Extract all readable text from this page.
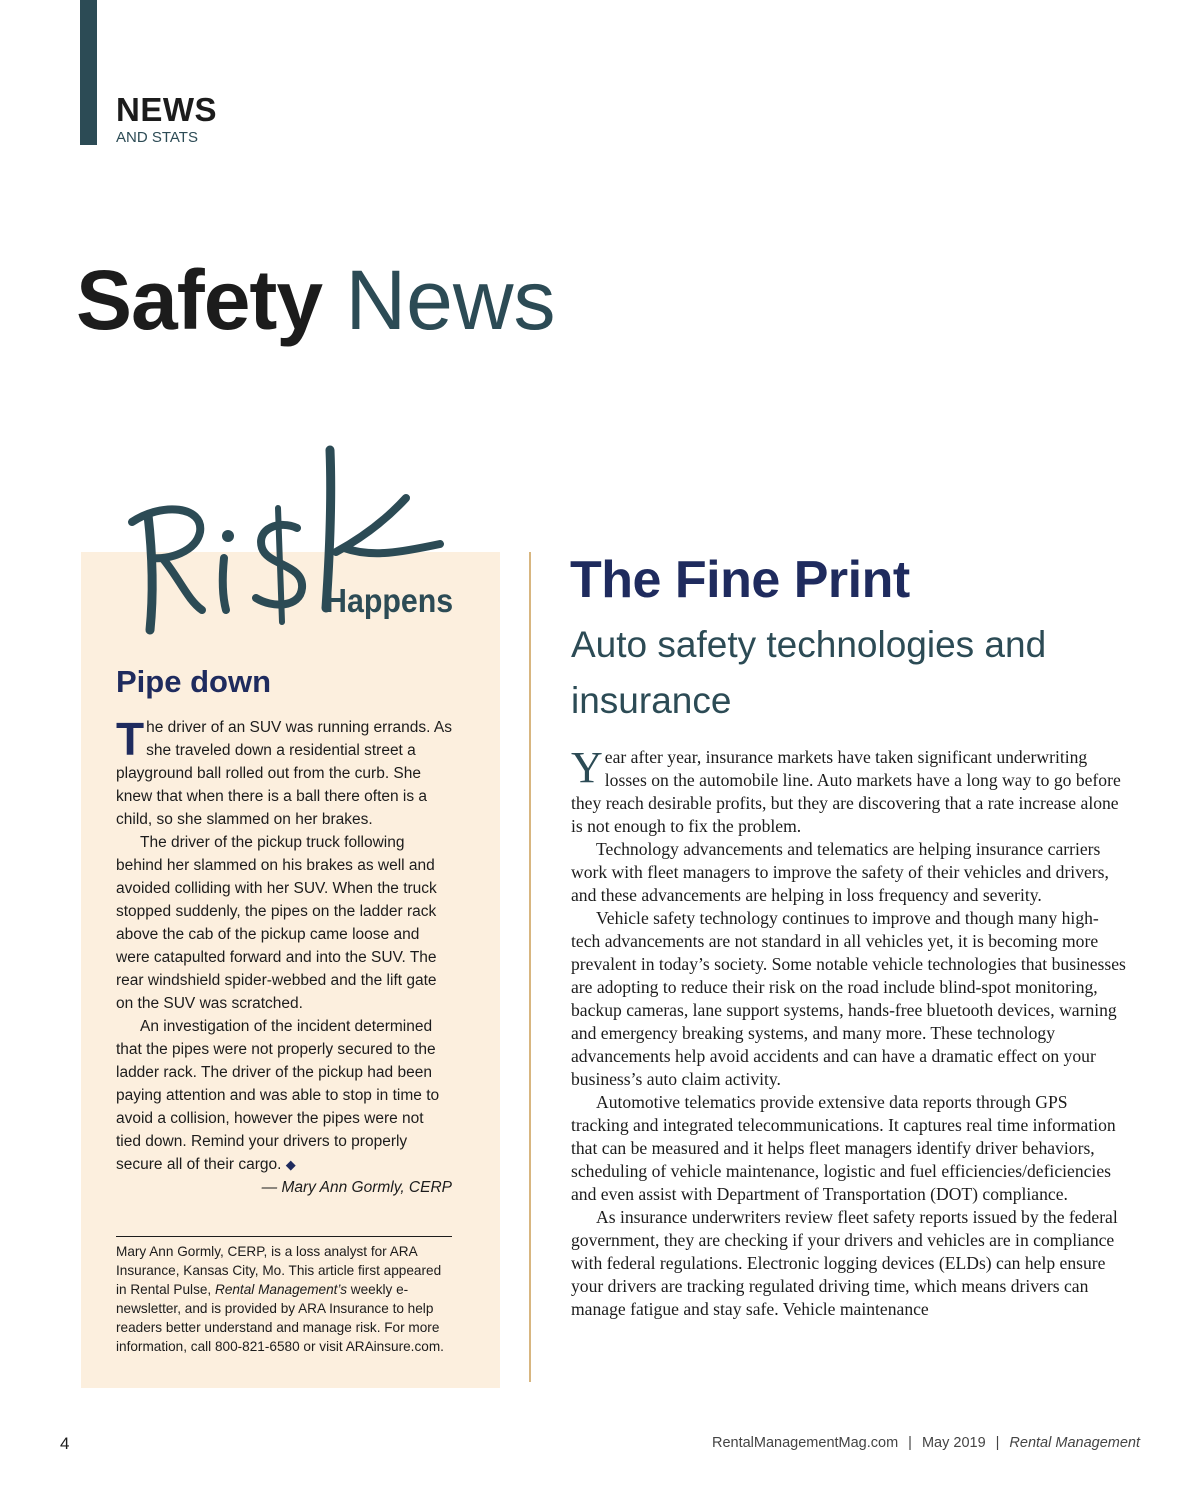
NEWS
AND STATS
Safety News
Happens
Pipe down

The driver of an SUV was running errands. As she traveled down a residential street a playground ball rolled out from the curb. She knew that when there is a ball there often is a child, so she slammed on her brakes.

The driver of the pickup truck following behind her slammed on his brakes as well and avoided colliding with her SUV. When the truck stopped suddenly, the pipes on the ladder rack above the cab of the pickup came loose and were catapulted forward and into the SUV. The rear windshield spider-webbed and the lift gate on the SUV was scratched.

An investigation of the incident determined that the pipes were not properly secured to the ladder rack. The driver of the pickup had been paying attention and was able to stop in time to avoid a collision, however the pipes were not tied down. Remind your drivers to properly secure all of their cargo. ◆

— Mary Ann Gormly, CERP
Mary Ann Gormly, CERP, is a loss analyst for ARA Insurance, Kansas City, Mo. This article first appeared in Rental Pulse, Rental Management’s weekly e-newsletter, and is provided by ARA Insurance to help readers better understand and manage risk. For more information, call 800-821-6580 or visit ARAinsure.com.
The Fine Print
Auto safety technologies and insurance

Year after year, insurance markets have taken significant underwriting losses on the automobile line. Auto markets have a long way to go before they reach desirable profits, but they are discovering that a rate increase alone is not enough to fix the problem.

Technology advancements and telematics are helping insurance carriers work with fleet managers to improve the safety of their vehicles and drivers, and these advancements are helping in loss frequency and severity.

Vehicle safety technology continues to improve and though many high-tech advancements are not standard in all vehicles yet, it is becoming more prevalent in today’s society. Some notable vehicle technologies that businesses are adopting to reduce their risk on the road include blind-spot monitoring, backup cameras, lane support systems, hands-free bluetooth devices, warning and emergency breaking systems, and many more. These technology advancements help avoid accidents and can have a dramatic effect on your business’s auto claim activity.

Automotive telematics provide extensive data reports through GPS tracking and integrated telecommunications. It captures real time information that can be measured and it helps fleet managers identify driver behaviors, scheduling of vehicle maintenance, logistic and fuel efficiencies/deficiencies and even assist with Department of Transportation (DOT) compliance.

As insurance underwriters review fleet safety reports issued by the federal government, they are checking if your drivers and vehicles are in compliance with federal regulations. Electronic logging devices (ELDs) can help ensure your drivers are tracking regulated driving time, which means drivers can manage fatigue and stay safe. Vehicle maintenance

4	RentalManagementMag.com | May 2019 | Rental Management
